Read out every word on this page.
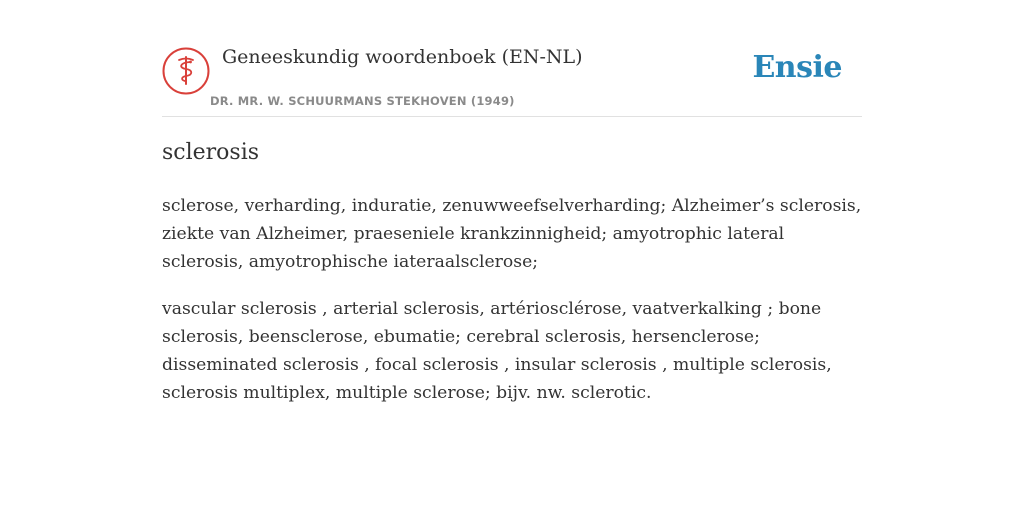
Geneeskundig woordenboek (EN-NL)
DR. MR. W. SCHUURMANS STEKHOVEN (1949)
Ensie
sclerosis

sclerose, verharding, induratie, zenuwweefselverharding; Alzheimer’s sclerosis, ziekte van Alzheimer, praeseniele krankzinnigheid; amyotrophic lateral sclerosis, amyotrophische iateraalsclerose;

vascular sclerosis , arterial sclerosis, artériosclérose, vaatverkalking ; bone sclerosis, beensclerose, ebumatie; cerebral sclerosis, hersenclerose; disseminated sclerosis , focal sclerosis , insular sclerosis , multiple sclerosis, sclerosis multiplex, multiple sclerose; bijv. nw. sclerotic.
